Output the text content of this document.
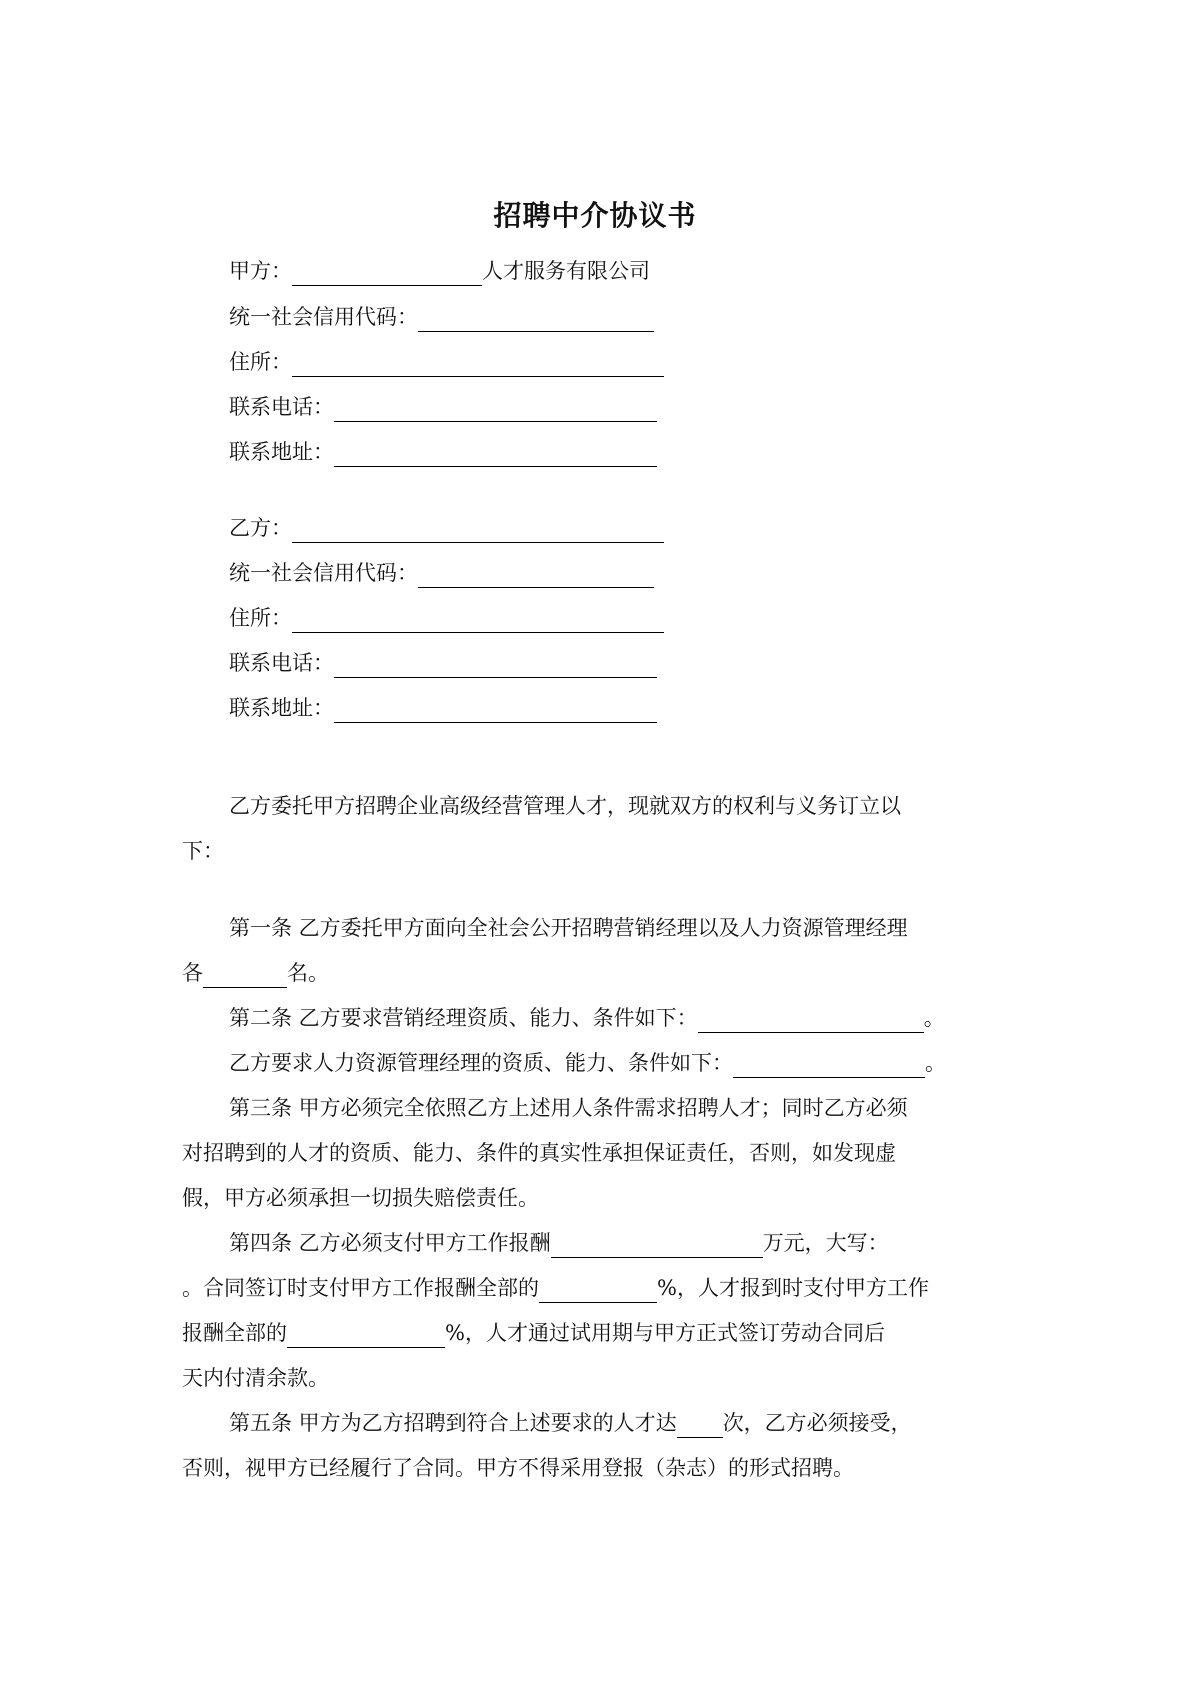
招聘中介协议书
甲方：	人才服务有限公司
统一社会信用代码：
住所：
联系电话：
联系地址：
乙方：
统一社会信用代码：
住所：
联系电话：
联系地址：
乙方委托甲方招聘企业高级经营管理人才，现就双方的权利与义务订立以
下：
第一条 乙方委托甲方面向全社会公开招聘营销经理以及人力资源管理经理
各	名。
第二条 乙方要求营销经理资质、能力、条件如下：	。
乙方要求人力资源管理经理的资质、能力、条件如下：	。
第三条 甲方必须完全依照乙方上述用人条件需求招聘人才；同时乙方必须
对招聘到的人才的资质、能力、条件的真实性承担保证责任，否则，如发现虚
假，甲方必须承担一切损失赔偿责任。
第四条 乙方必须支付甲方工作报酬	万元，大写：
。合同签订时支付甲方工作报酬全部的	%，人才报到时支付甲方工作
报酬全部的	%，人才通过试用期与甲方正式签订劳动合同后
天内付清余款。
第五条 甲方为乙方招聘到符合上述要求的人才达 次，乙方必须接受，
否则，视甲方已经履行了合同。甲方不得采用登报（杂志）的形式招聘。
